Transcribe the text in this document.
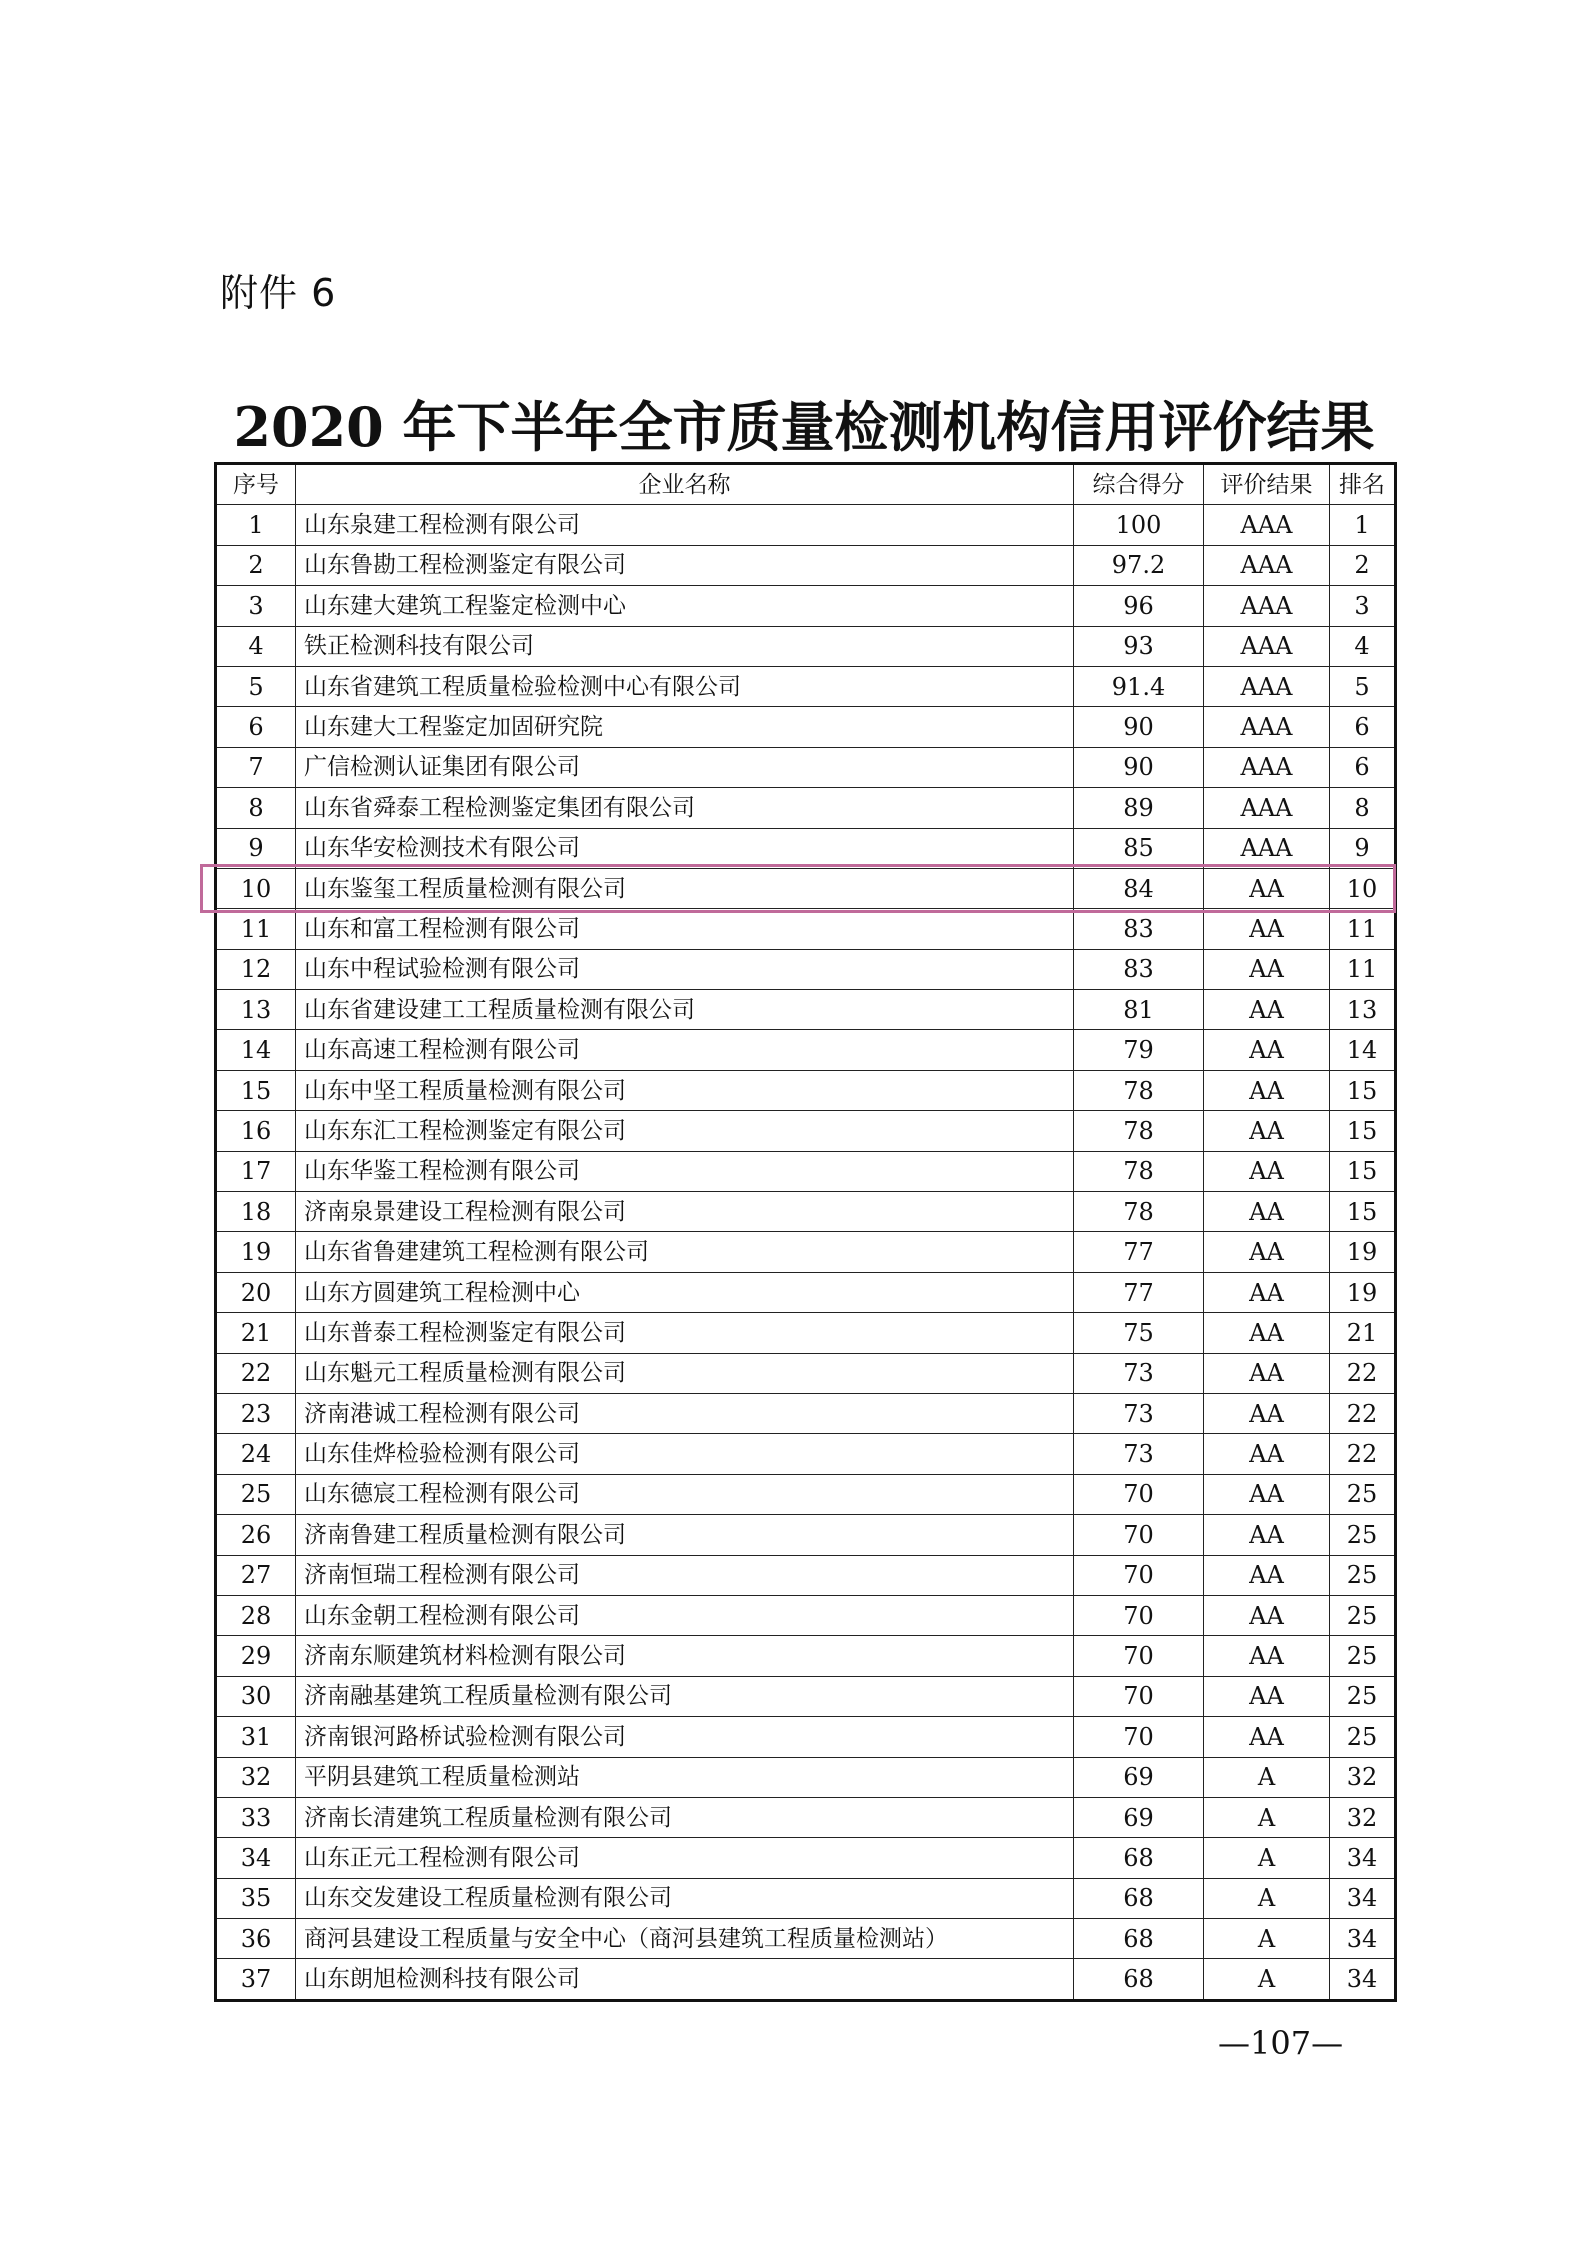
附件 6
2020 年下半年全市质量检测机构信用评价结果
序号	企业名称	综合得分	评价结果	排名
1	山东泉建工程检测有限公司	100	AAA	1
2	山东鲁勘工程检测鉴定有限公司	97.2	AAA	2
3	山东建大建筑工程鉴定检测中心	96	AAA	3
4	铁正检测科技有限公司	93	AAA	4
5	山东省建筑工程质量检验检测中心有限公司	91.4	AAA	5
6	山东建大工程鉴定加固研究院	90	AAA	6
7	广信检测认证集团有限公司	90	AAA	6
8	山东省舜泰工程检测鉴定集团有限公司	89	AAA	8
9	山东华安检测技术有限公司	85	AAA	9
10	山东鉴玺工程质量检测有限公司	84	AA	10
11	山东和富工程检测有限公司	83	AA	11
12	山东中程试验检测有限公司	83	AA	11
13	山东省建设建工工程质量检测有限公司	81	AA	13
14	山东高速工程检测有限公司	79	AA	14
15	山东中坚工程质量检测有限公司	78	AA	15
16	山东东汇工程检测鉴定有限公司	78	AA	15
17	山东华鉴工程检测有限公司	78	AA	15
18	济南泉景建设工程检测有限公司	78	AA	15
19	山东省鲁建建筑工程检测有限公司	77	AA	19
20	山东方圆建筑工程检测中心	77	AA	19
21	山东普泰工程检测鉴定有限公司	75	AA	21
22	山东魁元工程质量检测有限公司	73	AA	22
23	济南港诚工程检测有限公司	73	AA	22
24	山东佳烨检验检测有限公司	73	AA	22
25	山东德宸工程检测有限公司	70	AA	25
26	济南鲁建工程质量检测有限公司	70	AA	25
27	济南恒瑞工程检测有限公司	70	AA	25
28	山东金朝工程检测有限公司	70	AA	25
29	济南东顺建筑材料检测有限公司	70	AA	25
30	济南融基建筑工程质量检测有限公司	70	AA	25
31	济南银河路桥试验检测有限公司	70	AA	25
32	平阴县建筑工程质量检测站	69	A	32
33	济南长清建筑工程质量检测有限公司	69	A	32
34	山东正元工程检测有限公司	68	A	34
35	山东交发建设工程质量检测有限公司	68	A	34
36	商河县建设工程质量与安全中心（商河县建筑工程质量检测站）	68	A	34
37	山东朗旭检测科技有限公司	68	A	34
—107—
